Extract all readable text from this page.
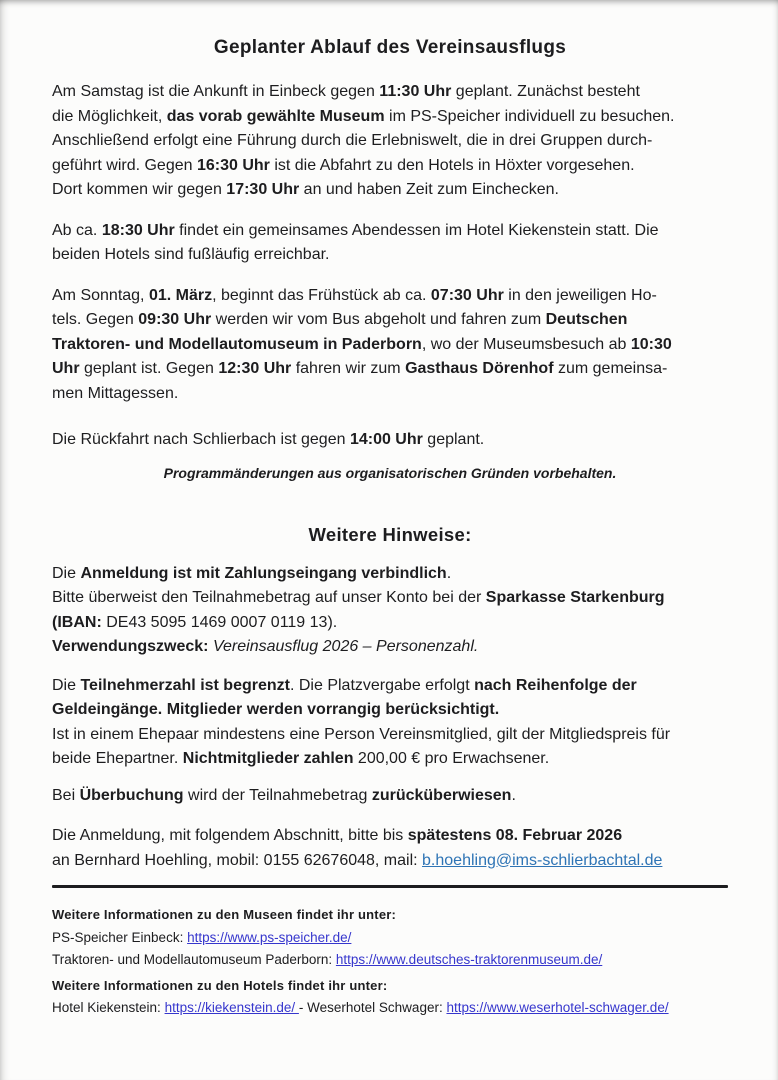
Geplanter Ablauf des Vereinsausflugs

Am Samstag ist die Ankunft in Einbeck gegen 11:30 Uhr geplant. Zunächst besteht
die Möglichkeit, das vorab gewählte Museum im PS-Speicher individuell zu besuchen.
Anschließend erfolgt eine Führung durch die Erlebniswelt, die in drei Gruppen durch-
geführt wird. Gegen 16:30 Uhr ist die Abfahrt zu den Hotels in Höxter vorgesehen.
Dort kommen wir gegen 17:30 Uhr an und haben Zeit zum Einchecken.

Ab ca. 18:30 Uhr findet ein gemeinsames Abendessen im Hotel Kiekenstein statt. Die
beiden Hotels sind fußläufig erreichbar.

Am Sonntag, 01. März, beginnt das Frühstück ab ca. 07:30 Uhr in den jeweiligen Ho-
tels. Gegen 09:30 Uhr werden wir vom Bus abgeholt und fahren zum Deutschen
Traktoren- und Modellautomuseum in Paderborn, wo der Museumsbesuch ab 10:30
Uhr geplant ist. Gegen 12:30 Uhr fahren wir zum Gasthaus Dörenhof zum gemeinsa-
men Mittagessen.

Die Rückfahrt nach Schlierbach ist gegen 14:00 Uhr geplant.

Programmänderungen aus organisatorischen Gründen vorbehalten.
Weitere Hinweise:

Die Anmeldung ist mit Zahlungseingang verbindlich.
Bitte überweist den Teilnahmebetrag auf unser Konto bei der Sparkasse Starkenburg
(IBAN: DE43 5095 1469 0007 0119 13).
Verwendungszweck: Vereinsausflug 2026 – Personenzahl.

Die Teilnehmerzahl ist begrenzt. Die Platzvergabe erfolgt nach Reihenfolge der
Geldeingänge. Mitglieder werden vorrangig berücksichtigt.
Ist in einem Ehepaar mindestens eine Person Vereinsmitglied, gilt der Mitgliedspreis für
beide Ehepartner. Nichtmitglieder zahlen 200,00 € pro Erwachsener.

Bei Überbuchung wird der Teilnahmebetrag zurücküberwiesen.

Die Anmeldung, mit folgendem Abschnitt, bitte bis spätestens 08. Februar 2026
an Bernhard Hoehling, mobil: 0155 62676048, mail: b.hoehling@ims-schlierbachtal.de

Weitere Informationen zu den Museen findet ihr unter:
PS-Speicher Einbeck: https://www.ps-speicher.de/
Traktoren- und Modellautomuseum Paderborn: https://www.deutsches-traktorenmuseum.de/
Weitere Informationen zu den Hotels findet ihr unter:
Hotel Kiekenstein: https://kiekenstein.de/ - Weserhotel Schwager: https://www.weserhotel-schwager.de/
